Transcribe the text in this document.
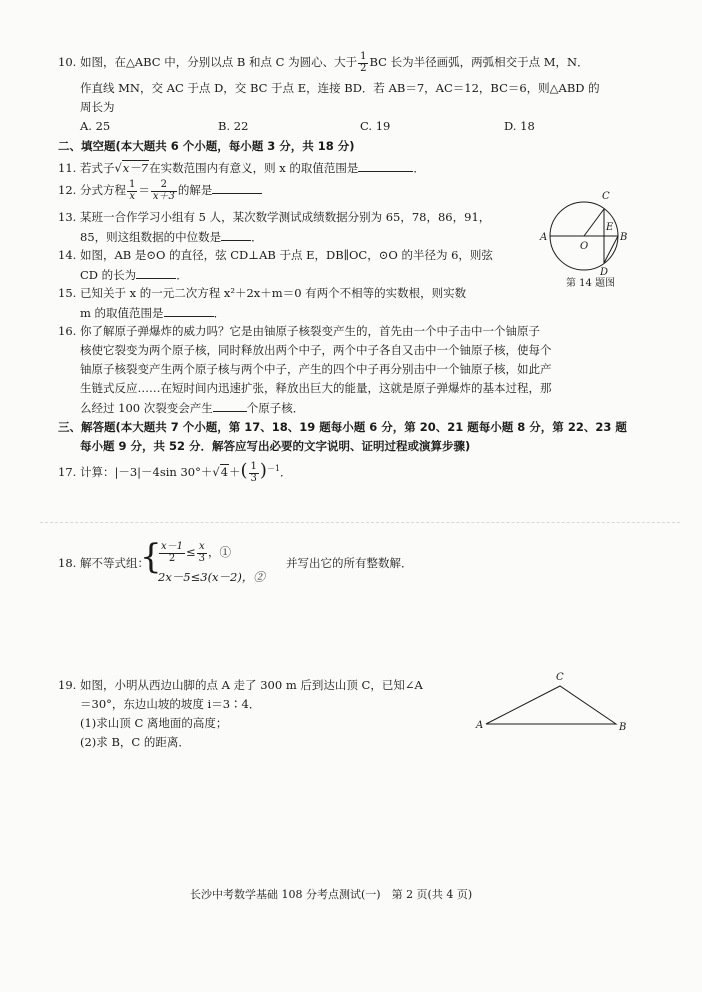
10. 如图，在△ABC 中，分别以点 B 和点 C 为圆心、大于 $\frac{1}{2}$ BC 长为半径画弧，两弧相交于点 M，N．
作直线 MN，交 AC 于点 D，交 BC 于点 E，连接 BD．若 AB＝7，AC＝12，BC＝6，则△ABD 的
周长为
A. 25	B. 22	C. 19	D. 18
二、填空题(本大题共 6 个小题，每小题 3 分，共 18 分)
11. 若式子√x－7在实数范围内有意义，则 x 的取值范围是	．
12. 分式方程 $\frac{1}{x} = \frac{2}{x+3}$ 的解是
13. 某班一合作学习小组有 5 人，某次数学测试成绩数据分别为 65，78，86，91，
85，则这组数据的中位数是	．
14. 如图，AB 是⊙O 的直径，弦 CD⊥AB 于点 E，DB∥OC，⊙O 的半径为 6，则弦
CD 的长为	．
A	B
C
D
E
O
第 14 题图
15. 已知关于 x 的一元二次方程 x²＋2x＋m＝0 有两个不相等的实数根，则实数
m 的取值范围是	．
16. 你了解原子弹爆炸的威力吗？它是由铀原子核裂变产生的，首先由一个中子击中一个铀原子
核使它裂变为两个原子核，同时释放出两个中子，两个中子各自又击中一个铀原子核，使每个
铀原子核裂变产生两个原子核与两个中子，产生的四个中子再分别击中一个铀原子核，如此产
生链式反应……在短时间内迅速扩张，释放出巨大的能量，这就是原子弹爆炸的基本过程，那
么经过 100 次裂变会产生	个原子核．
三、解答题(本大题共 7 个小题，第 17、18、19 题每小题 6 分，第 20、21 题每小题 8 分，第 22、23 题
每小题 9 分，共 52 分．解答应写出必要的文字说明、证明过程或演算步骤)
17. 计算：|－3|－4sin $30^\circ+√4+( \frac{1}{3} )^{-1}$．
18. 解不等式组：
{
$\frac{x-1}{2} \le \frac{x}{3}$ ，①
2x－5≤3(x－2)，②
并写出它的所有整数解．
19. 如图，小明从西边山脚的点 A 走了 300 m 后到达山顶 C，已知∠A
＝30°，东边山坡的坡度 i＝3∶4．
(1)求山顶 C 离地面的高度；
(2)求 B，C 的距离．
A	B
C
长沙中考数学基础 108 分考点测试(一)　第 2 页(共 4 页)
